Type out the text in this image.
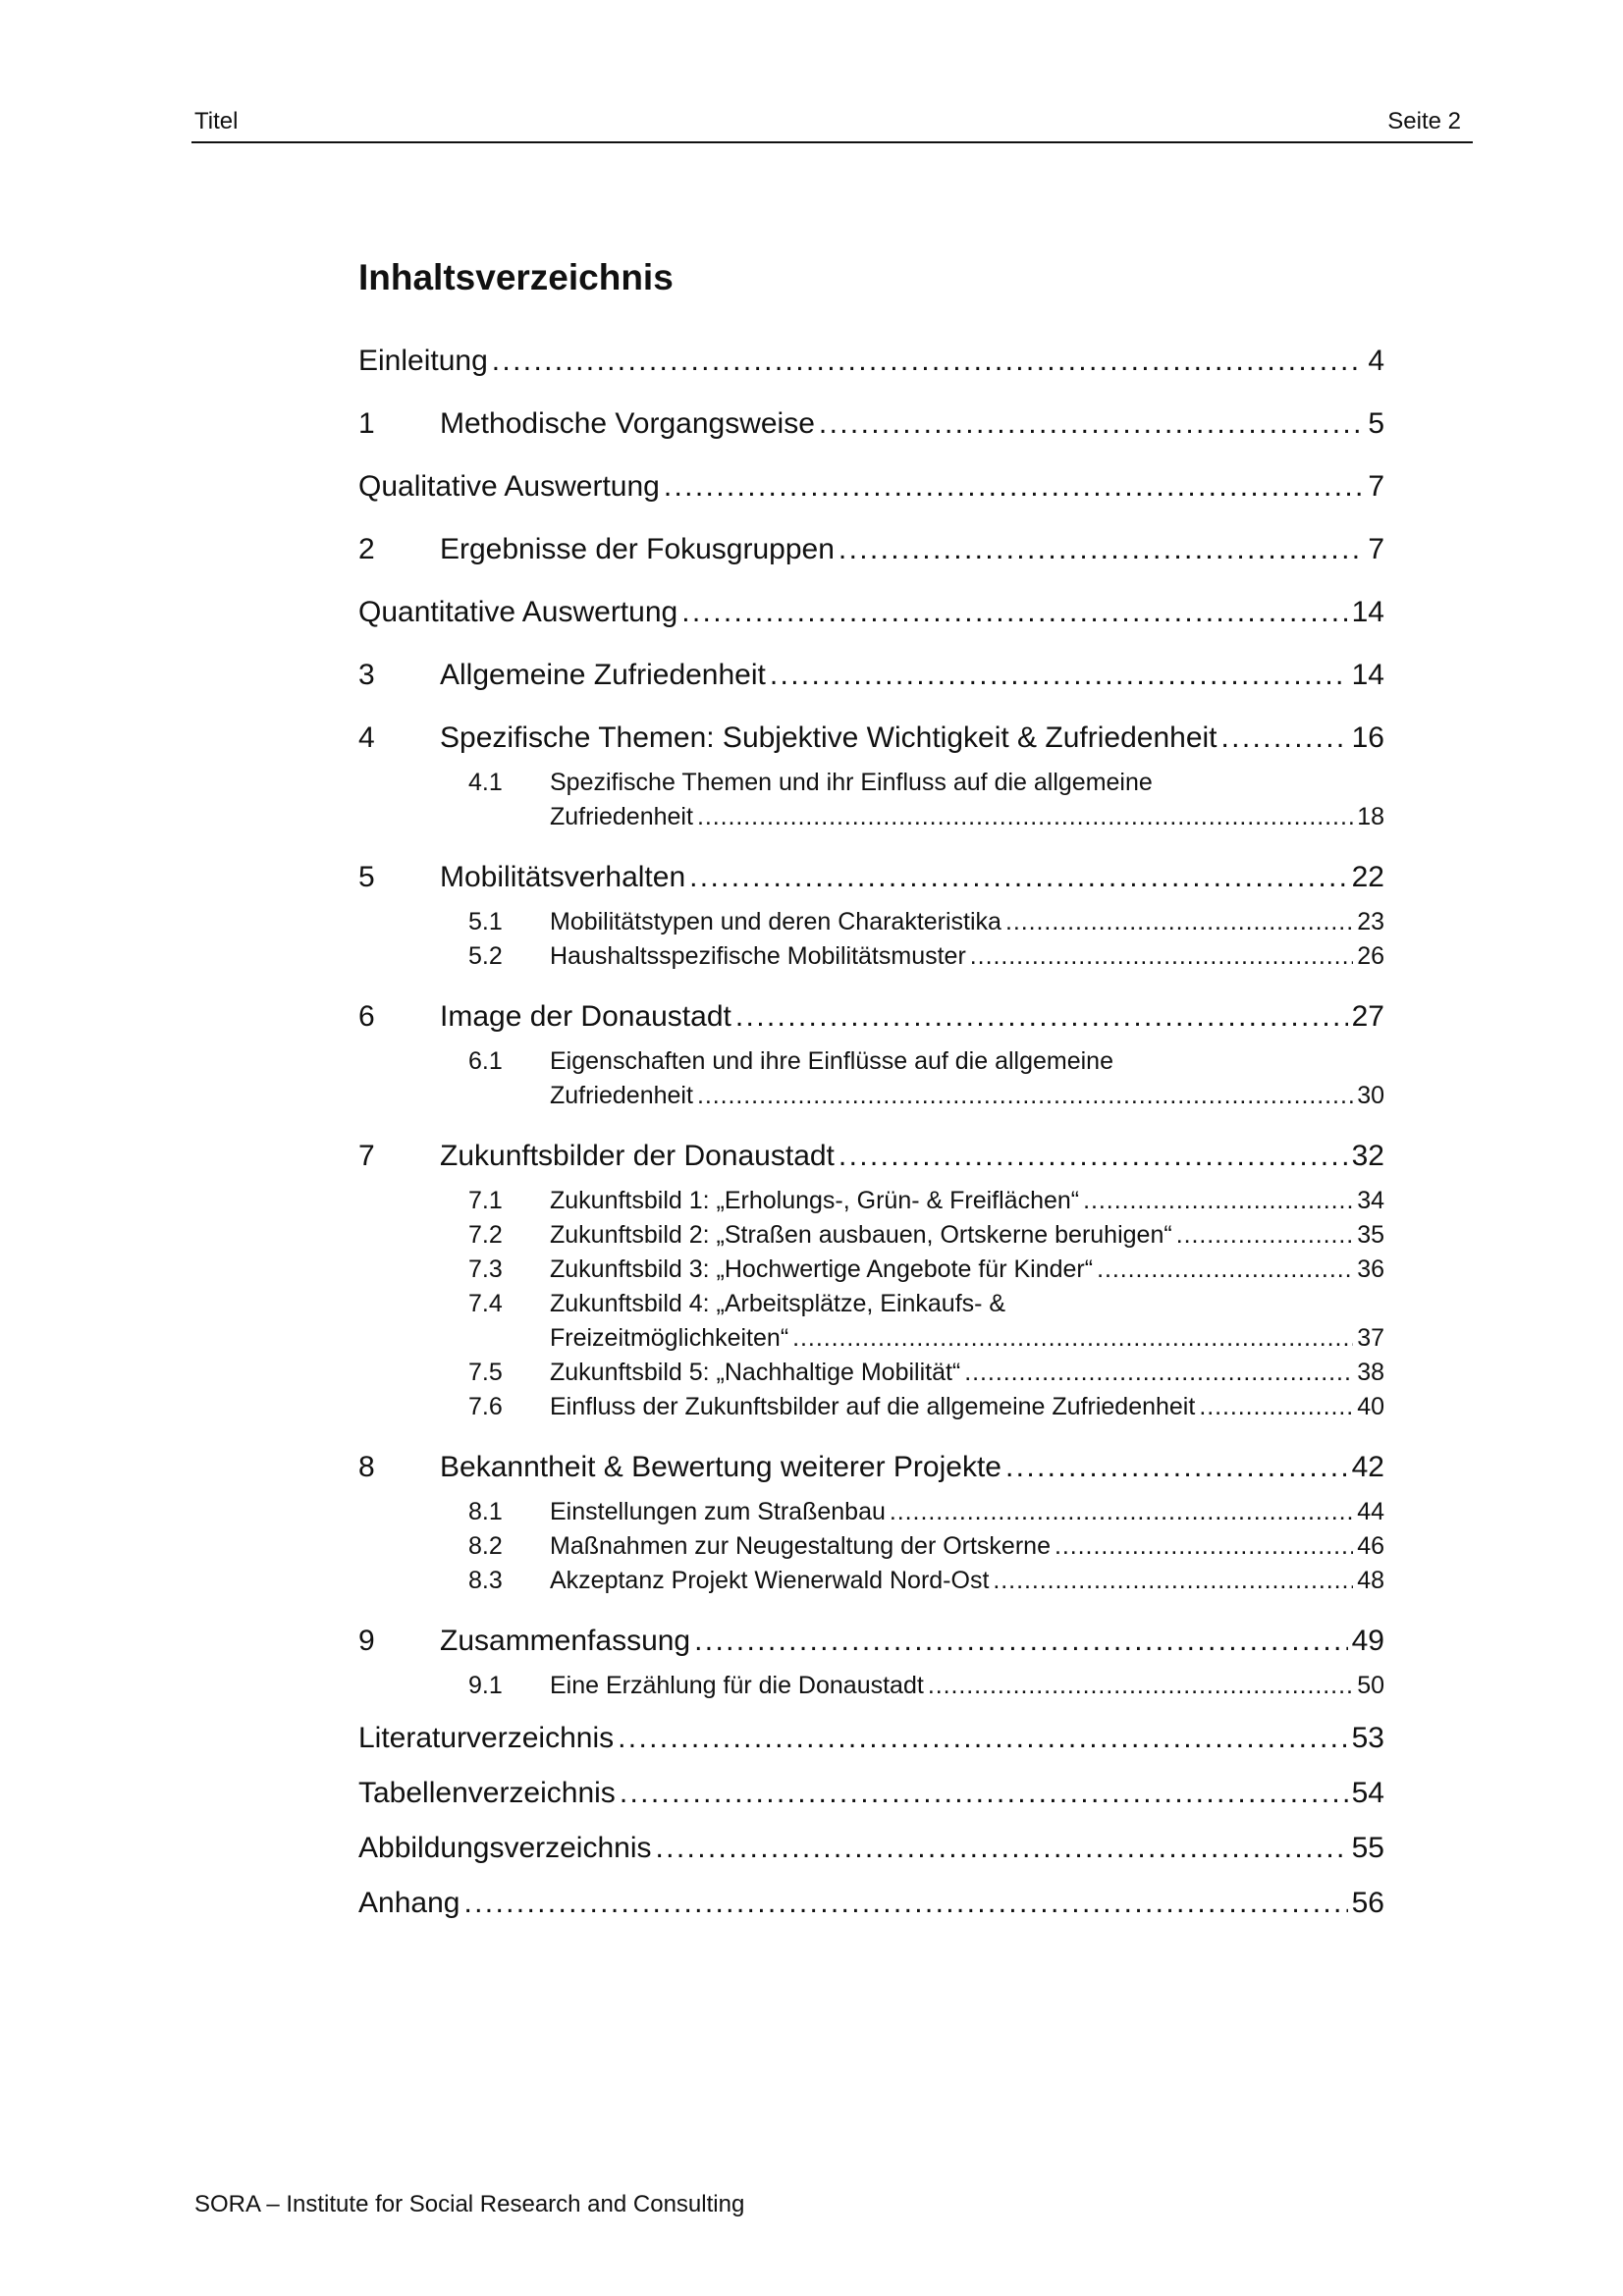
Titel	Seite 2
Inhaltsverzeichnis
Einleitung . . .	4
1	Methodische Vorgangsweise . . .	5
Qualitative Auswertung . . .	7
2	Ergebnisse der Fokusgruppen . . .	7
Quantitative Auswertung . . .	14
3	Allgemeine Zufriedenheit . . .	14
4	Spezifische Themen: Subjektive Wichtigkeit & Zufriedenheit . . .	16
4.1	Spezifische Themen und ihr Einfluss auf die allgemeine
Zufriedenheit . . .	18
5	Mobilitätsverhalten . . .	22
5.1	Mobilitätstypen und deren Charakteristika . . .	23
5.2	Haushaltsspezifische Mobilitätsmuster . . .	26
6	Image der Donaustadt . . .	27
6.1	Eigenschaften und ihre Einflüsse auf die allgemeine
Zufriedenheit . . .	30
7	Zukunftsbilder der Donaustadt . . .	32
7.1	Zukunftsbild 1: „Erholungs-, Grün- & Freiflächen“ . . .	34
7.2	Zukunftsbild 2: „Straßen ausbauen, Ortskerne beruhigen“ . . .	35
7.3	Zukunftsbild 3: „Hochwertige Angebote für Kinder“ . . .	36
7.4	Zukunftsbild 4: „Arbeitsplätze, Einkaufs- &
Freizeitmöglichkeiten“ . . .	37
7.5	Zukunftsbild 5: „Nachhaltige Mobilität“ . . .	38
7.6	Einfluss der Zukunftsbilder auf die allgemeine Zufriedenheit . . .	40
8	Bekanntheit & Bewertung weiterer Projekte . . .	42
8.1	Einstellungen zum Straßenbau . . .	44
8.2	Maßnahmen zur Neugestaltung der Ortskerne . . .	46
8.3	Akzeptanz Projekt Wienerwald Nord-Ost . . .	48
9	Zusammenfassung . . .	49
9.1	Eine Erzählung für die Donaustadt . . .	50
Literaturverzeichnis . . .	53
Tabellenverzeichnis . . .	54
Abbildungsverzeichnis . . .	55
Anhang . . .	56
SORA – Institute for Social Research and Consulting
